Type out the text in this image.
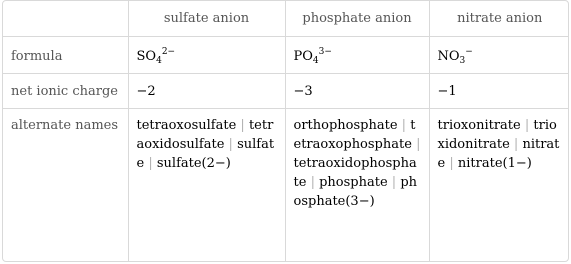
	sulfate anion	phosphate anion	nitrate anion
formula	$SO_4^{2-}$	$PO_4^{3-}$	$NO_3^-$
net ionic charge	−2	−3	−1
alternate names	tetraoxosulfate | tetraoxidosulfate | sulfate | sulfate(2−)	orthophosphate | tetraoxophosphate | tetraoxidophosphate | phosphate | phosphate(3−)	trioxonitrate | trioxidonitrate | nitrate | nitrate(1−)
